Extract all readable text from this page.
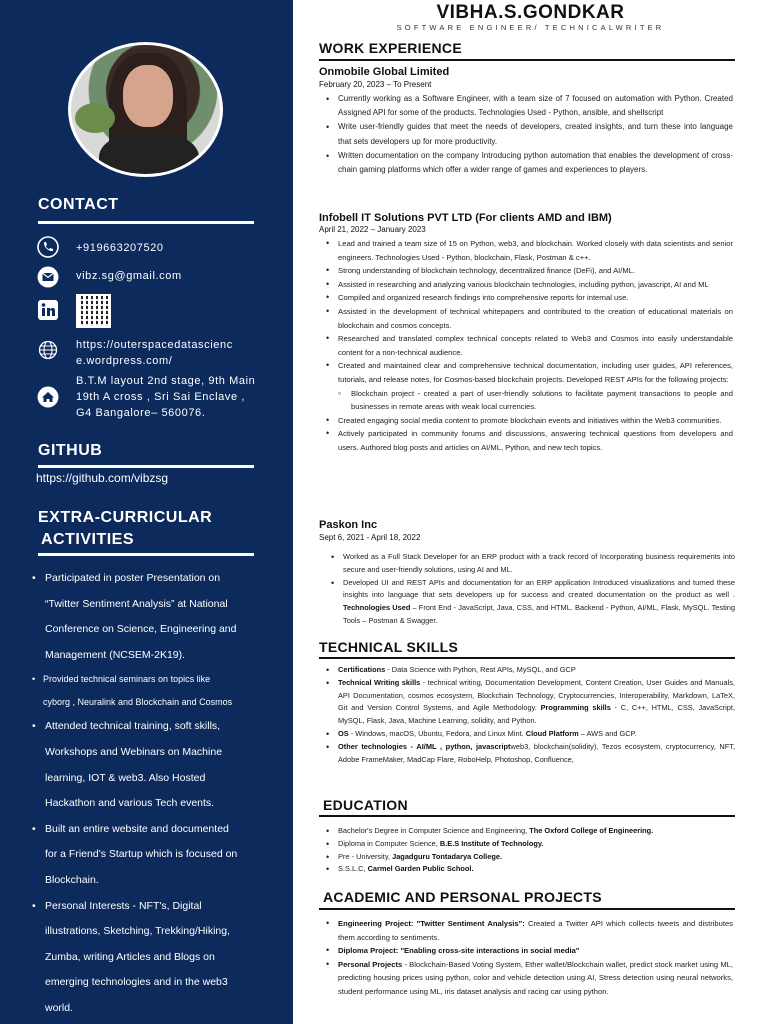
CONTACT
+919663207520
vibz.sg@gmail.com
https://outerspacedatascienc
e.wordpress.com/
B.T.M layout 2nd stage, 9th Main
19th A cross , Sri Sai Enclave ,
G4 Bangalore– 560076.
GITHUB
https://github.com/vibzsg
EXTRA-CURRICULAR
ACTIVITIES
• Participated in poster Presentation on
“Twitter Sentiment Analysis” at National
Conference on Science, Engineering and
Management (NCSEM-2K19).
• Provided technical seminars on topics like
cyborg , Neuralink and Blockchain and Cosmos
• Attended technical training, soft skills,
Workshops and Webinars on Machine
learning, IOT & web3. Also Hosted
Hackathon and various Tech events.
• Built an entire website and documented
for a Friend's Startup which is focused on
Blockchain.
• Personal Interests - NFT's, Digital
illustrations, Sketching, Trekking/Hiking,
Zumba, writing Articles and Blogs on
emerging technologies and in the web3
world.
VIBHA.S.GONDKAR
SOFTWARE ENGINEER/ TECHNICALWRITER
WORK EXPERIENCE
Onmobile Global Limited
February 20, 2023 – To Present
• Currently working as a Software Engineer, with a team size of 7 focused on automation with Python. Created Assigned API for some of the products. Technologies Used - Python, ansible, and shellscript
• Write user-friendly guides that meet the needs of developers, created insights, and turn these into language that sets developers up for more productivity.
• Written documentation on the company Introducing python automation that enables the development of cross-chain gaming platforms which offer a wider range of games and experiences to players.
Infobell IT Solutions PVT LTD (For clients AMD and IBM)
April 21, 2022 – January 2023
• Lead and trained a team size of 15 on Python, web3, and blockchain. Worked closely with data scientists and senior engineers. Technologies Used - Python, blockchain, Flask, Postman & c++.
• Strong understanding of blockchain technology, decentralized finance (DeFi), and AI/ML.
• Assisted in researching and analyzing various blockchain technologies, including python, javascript, AI and ML
• Compiled and organized research findings into comprehensive reports for internal use.
• Assisted in the development of technical whitepapers and contributed to the creation of educational materials on blockchain and cosmos concepts.
• Researched and translated complex technical concepts related to Web3 and Cosmos into easily understandable content for a non-technical audience.
• Created and maintained clear and comprehensive technical documentation, including user guides, API references, tutorials, and release notes, for Cosmos-based blockchain projects. Developed REST APIs for the following projects:
▫ Blockchain project - created a part of user-friendly solutions to facilitate payment transactions to people and businesses in remote areas with weak local currencies.
• Created engaging social media content to promote blockchain events and initiatives within the Web3 communities.
• Actively participated in community forums and discussions, answering technical questions from developers and users. Authored blog posts and articles on AI/ML, Python, and new tech topics.
Paskon Inc
Sept 6, 2021 - April 18, 2022
• Worked as a Full Stack Developer for an ERP product with a track record of Incorporating business requirements into secure and user-friendly solutions, using AI and ML.
• Developed UI and REST APIs and documentation for an ERP application Introduced visualizations and turned these insights into language that sets developers up for success and created documentation on the product as well . Technologies Used – Front End - JavaScript, Java, CSS, and HTML. Backend - Python, AI/ML, Flask, MySQL. Testing Tools – Postman & Swagger.
TECHNICAL SKILLS
• Certifications - Data Science with Python, Rest APIs, MySQL, and GCP
• Technical Writing skills - technical writing, Documentation Development, Content Creation, User Guides and Manuals, API Documentation, cosmos ecosystem, Blockchain Technology, Cryptocurrencies, Interoperability, Markdown, LaTeX, Git and Version Control Systems, and Agile Methodology. Programming skills - C, C++, HTML, CSS, JavaScript, MySQL, Flask, Java, Machine Learning, solidity, and Python.
• OS - Windows, macOS, Ubuntu, Fedora, and Linux Mint. Cloud Platform – AWS and GCP.
• Other technologies - AI/ML , python, javascriptweb3, blockchain(solidity), Tezos ecosystem, cryptocurrency, NFT, Adobe FrameMaker, MadCap Flare, RoboHelp, Photoshop, Confluence,
EDUCATION
• Bachelor's Degree in Computer Science and Engineering, The Oxford College of Engineering.
• Diploma in Computer Science, B.E.S Institute of Technology.
• Pre - University, Jagadguru Tontadarya College.
• S.S.L.C, Carmel Garden Public School.
ACADEMIC AND PERSONAL PROJECTS
• Engineering Project: "Twitter Sentiment Analysis": Created a Twitter API which collects tweets and distributes them according to sentiments.
• Diploma Project: "Enabling cross-site interactions in social media"
• Personal Projects - Blockchain-Based Voting System, Ether wallet/Blockchain wallet, predict stock market using ML, predicting housing prices using python, color and vehicle detection using AI, Stress detection using neural networks, student performance using ML, iris dataset analysis and racing car using python.
